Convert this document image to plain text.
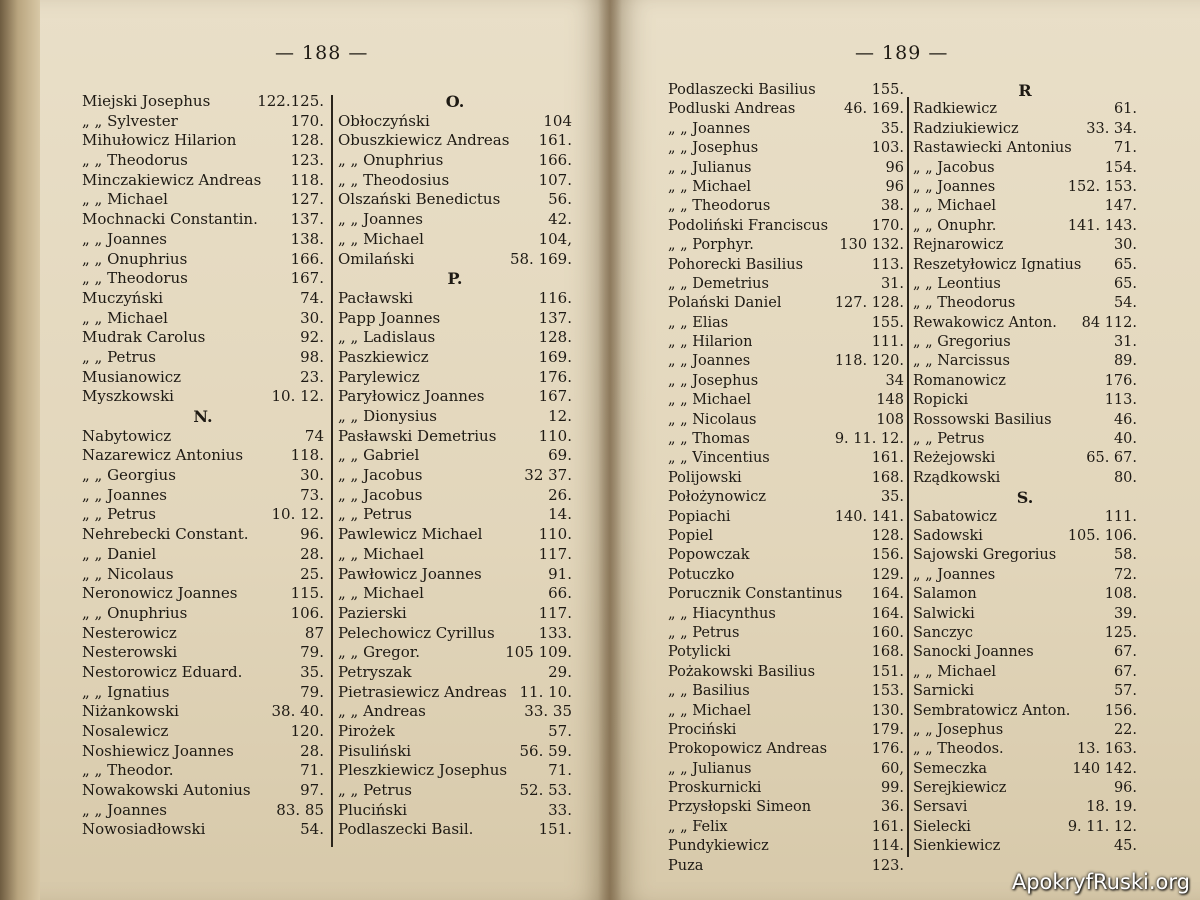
— 188 —	— 189 —
Miejski Josephus	122.125.
„ „ Sylvester	170.
Mihułowicz Hilarion	128.
„ „ Theodorus	123.
Minczakiewicz Andreas 118.
„ „ Michael	127.
Mochnacki Constantin. 137.
„ „ Joannes	138.
„ „ Onuphrius	166.
„ „ Theodorus	167.
Muczyński	74.
„ „ Michael	30.
Mudrak Carolus	92.
„ „ Petrus	98.
Musianowicz	23.
Myszkowski	10. 12.
N.
Nabytowicz	74
Nazarewicz Antonius	118.
„ „ Georgius	30.
„ „ Joannes	73.
„ „ Petrus	10. 12.
Nehrebecki Constant.	96.
„ „ Daniel	28.
„ „ Nicolaus	25.
Neronowicz Joannes	115.
„ „ Onuphrius	106.
Nesterowicz	87
Nesterowski	79.
Nestorowicz Eduard.	35.
„ „ Ignatius	79.
Niżankowski	38. 40.
Nosalewicz	120.
Noshiewicz Joannes	28.
„ „ Theodor.	71.
Nowakowski Autonius	97.
„ „ Joannes	83. 85
Nowosiadłowski	54.
O.
Obłoczyński	104
Obuszkiewicz Andreas 161.
„ „ Onuphrius	166.
„ „ Theodosius	107.
Olszański Benedictus	56.
„ „ Joannes	42.
„ „ Michael	104,
Omilański	58. 169.
P.
Pacławski	116.
Papp Joannes	137.
„ „ Ladislaus	128.
Paszkiewicz	169.
Parylewicz	176.
Paryłowicz Joannes	167.
„ „ Dionysius	12.
Pasławski Demetrius	110.
„ „ Gabriel	69.
„ „ Jacobus	32 37.
„ „ Jacobus	26.
„ „ Petrus	14.
Pawlewicz Michael	110.
„ „ Michael	117.
Pawłowicz Joannes	91.
„ „ Michael	66.
Pazierski	117.
Pelechowicz Cyrillus	133.
„ „ Gregor.	105 109.
Petryszak	29.
Pietrasiewicz Andreas 11. 10.
„ „ Andreas	33. 35
Pirożek	57.
Pisuliński	56. 59.
Pleszkiewicz Josephus	71.
„ „ Petrus	52. 53.
Pluciński	33.
Podlaszecki Basil.	151.
Podlaszecki Basilius	155.
Podluski Andreas	46. 169.
„ „ Joannes	35.
„ „ Josephus	103.
„ „ Julianus	96
„ „ Michael	96
„ „ Theodorus	38.
Podoliński Franciscus	170.
„ „ Porphyr.	130 132.
Pohorecki Basilius	113.
„ „ Demetrius	31.
Polański Daniel	127. 128.
„ „ Elias	155.
„ „ Hilarion	111.
„ „ Joannes	118. 120.
„ „ Josephus	34
„ „ Michael	148
„ „ Nicolaus	108
„ „ Thomas	9. 11. 12.
„ „ Vincentius	161.
Polijowski	168.
Położynowicz	35.
Popiachi	140. 141.
Popiel	128.
Popowczak	156.
Potuczko	129.
Porucznik Constantinus 164.
„ „ Hiacynthus	164.
„ „ Petrus	160.
Potylicki	168.
Pożakowski Basilius	151.
„ „ Basilius	153.
„ „ Michael	130.
Prociński	179.
Prokopowicz Andreas	176.
„ „ Julianus	60,
Proskurnicki	99.
Przysłopski Simeon	36.
„ „ Felix	161.
Pundykiewicz	114.
Puza	123.
R
Radkiewicz	61.
Radziukiewicz	33. 34.
Rastawiecki Antonius	71.
„ „ Jacobus	154.
„ „ Joannes	152. 153.
„ „ Michael	147.
„ „ Onuphr.	141. 143.
Rejnarowicz	30.
Reszetyłowicz Ignatius 65.
„ „ Leontius	65.
„ „ Theodorus	54.
Rewakowicz Anton. 84 112.
„ „ Gregorius	31.
„ „ Narcissus	89.
Romanowicz	176.
Ropicki	113.
Rossowski Basilius	46.
„ „ Petrus	40.
Reżejowski	65. 67.
Rządkowski	80.
S.
Sabatowicz	111.
Sadowski	105. 106.
Sajowski Gregorius	58.
„ „ Joannes	72.
Salamon	108.
Salwicki	39.
Sanczyc	125.
Sanocki Joannes	67.
„ „ Michael	67.
Sarnicki	57.
Sembratowicz Anton. 156.
„ „ Josephus	22.
„ „ Theodos.	13. 163.
Semeczka	140 142.
Serejkiewicz	96.
Sersavi	18. 19.
Sielecki	9. 11. 12.
Sienkiewicz	45.
ApokryfRuski.org
